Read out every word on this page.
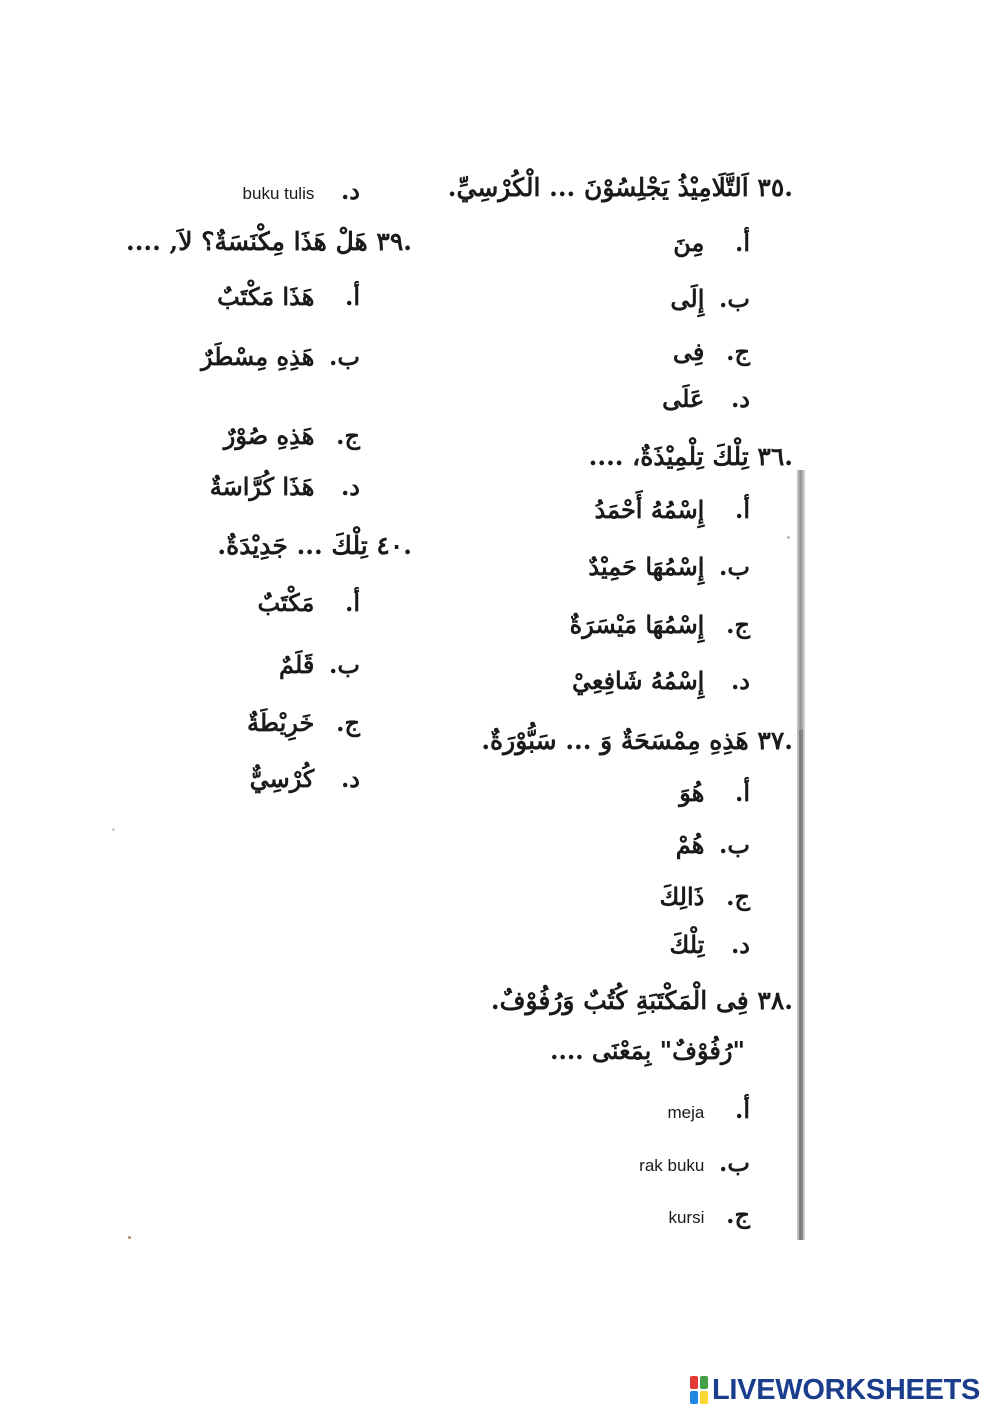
.٣٥ اَلتَّلَامِيْذُ يَجْلِسُوْنَ ... الْكُرْسِيِّ.
أ. مِنَ
ب. إِلَى
ج. فِى
د. عَلَى
.٣٦ تِلْكَ تِلْمِيْذَةٌ، ....
أ. إِسْمُهُ أَحْمَدُ
ب. إِسْمُهَا حَمِيْدٌ
ج. إِسْمُهَا مَيْسَرَةٌ
د. إِسْمُهُ شَافِعِيْ
.٣٧ هَذِهِ مِمْسَحَةٌ وَ ... سَبُّوْرَةٌ.
أ. هُوَ
ب. هُمْ
ج. ذَالِكَ
د. تِلْكَ
.٣٨ فِى الْمَكْتَبَةِ كُتُبٌ وَرُفُوْفٌ.
"رُفُوْفٌ" بِمَعْنَى ....
أ. meja
ب. rak buku
ج. kursi
د. buku tulis
.٣٩ هَلْ هَذَا مِكْنَسَةٌ؟ لاَ, ....
أ. هَذَا مَكْتَبٌ
ب. هَذِهِ مِسْطَرٌ
ج. هَذِهِ صُوْرٌ
د. هَذَا كُرَّاسَةٌ
.٤٠ تِلْكَ ... جَدِيْدَةٌ.
أ. مَكْتَبٌ
ب. قَلَمٌ
ج. خَرِيْطَةٌ
د. كُرْسِيٌّ
LIVEWORKSHEETS
